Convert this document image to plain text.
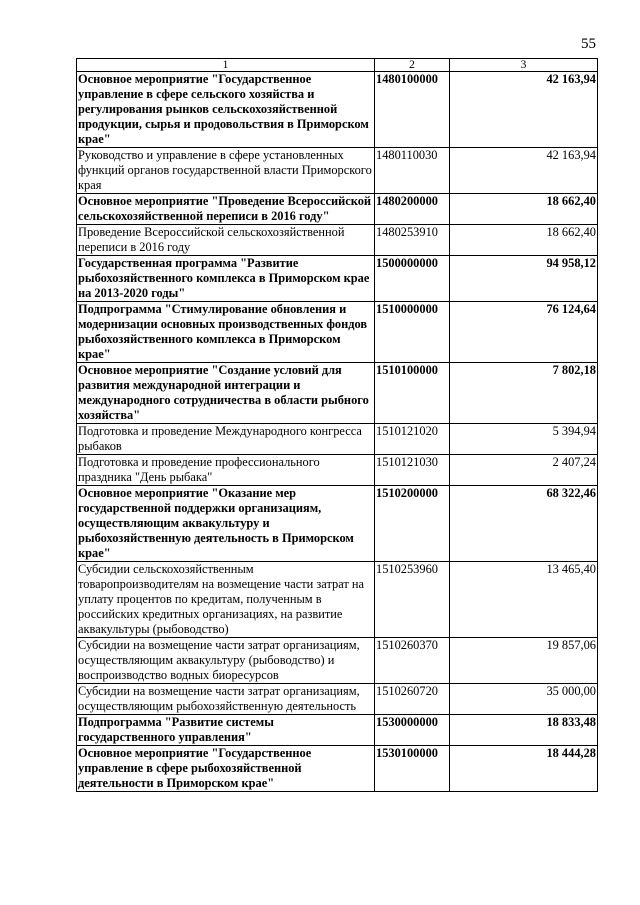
55
1	2	3
Основное мероприятие "Государственное управление в сфере сельского хозяйства и регулирования рынков сельскохозяйственной продукции, сырья и продовольствия в Приморском крае"	1480100000	42 163,94
Руководство и управление в сфере установленных функций органов государственной власти Приморского края	1480110030	42 163,94
Основное мероприятие "Проведение Всероссийской сельскохозяйственной переписи в 2016 году"	1480200000	18 662,40
Проведение Всероссийской сельскохозяйственной переписи в 2016 году	1480253910	18 662,40
Государственная программа "Развитие рыбохозяйственного комплекса в Приморском крае на 2013-2020 годы"	1500000000	94 958,12
Подпрограмма "Стимулирование обновления и модернизации основных производственных фондов рыбохозяйственного комплекса в Приморском крае"	1510000000	76 124,64
Основное мероприятие "Создание условий для развития международной интеграции и международного сотрудничества в области рыбного хозяйства"	1510100000	7 802,18
Подготовка и проведение Международного конгресса рыбаков	1510121020	5 394,94
Подготовка и проведение профессионального праздника "День рыбака"	1510121030	2 407,24
Основное мероприятие "Оказание мер государственной поддержки организациям, осуществляющим аквакультуру и рыбохозяйственную деятельность в Приморском крае"	1510200000	68 322,46
Субсидии сельскохозяйственным товаропроизводителям на возмещение части затрат на уплату процентов по кредитам, полученным в российских кредитных организациях, на развитие аквакультуры (рыбоводство)	1510253960	13 465,40
Субсидии на возмещение части затрат организациям, осуществляющим аквакультуру (рыбоводство) и воспроизводство водных биоресурсов	1510260370	19 857,06
Субсидии на возмещение части затрат организациям, осуществляющим рыбохозяйственную деятельность	1510260720	35 000,00
Подпрограмма "Развитие системы государственного управления"	1530000000	18 833,48
Основное мероприятие "Государственное управление в сфере рыбохозяйственной деятельности в Приморском крае"	1530100000	18 444,28
